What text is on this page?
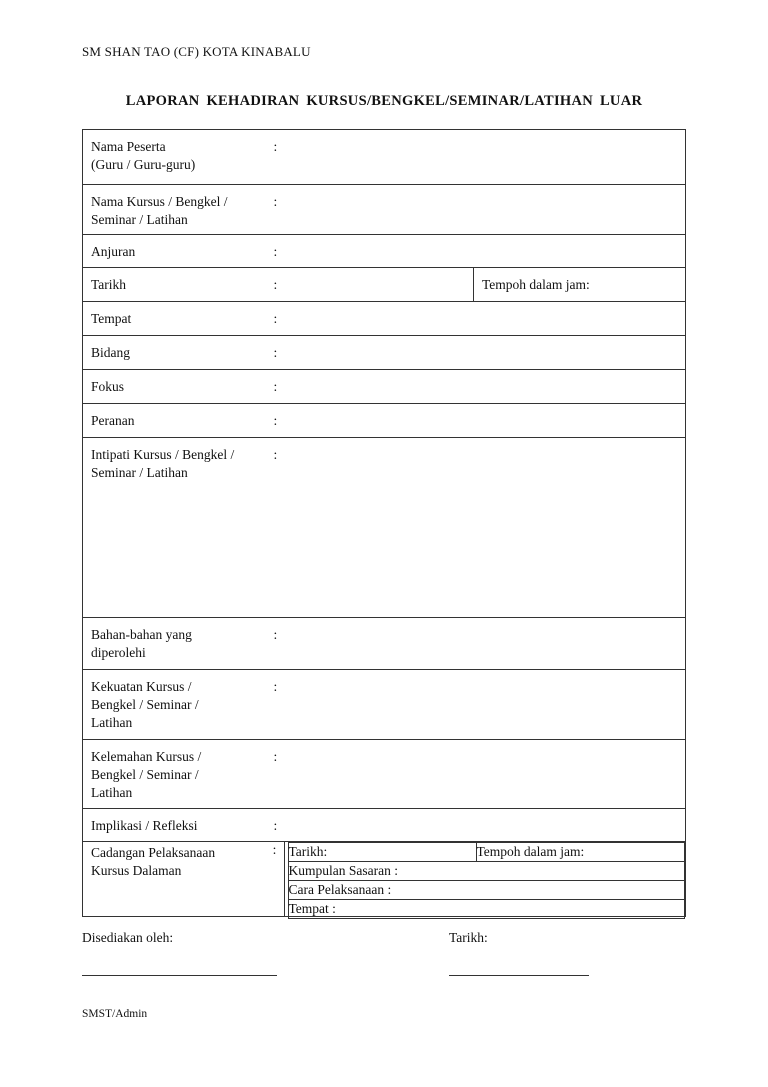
SM SHAN TAO (CF) KOTA KINABALU
LAPORAN KEHADIRAN KURSUS/BENGKEL/SEMINAR/LATIHAN LUAR
Nama Peserta
(Guru / Guru-guru)
	:

Nama Kursus / Bengkel /
Seminar / Latihan
	:
Anjuran	:
Tarikh	:	Tempoh dalam jam:
Tempat	:
Bidang	:
Fokus	:
Peranan	:

Intipati Kursus / Bengkel /
Seminar / Latihan
	:

Bahan-bahan yang
diperolehi
	:

Kekuatan Kursus /
Bengkel / Seminar /
Latihan
	:

Kelemahan Kursus /
Bengkel / Seminar /
Latihan
	:
Implikasi / Refleksi	:

Cadangan Pelaksanaan
Kursus Dalaman

: Tarikh:	Tempoh dalam jam:
Kumpulan Sasaran :
Cara Pelaksanaan :
Tempat :
Disediakan oleh:	Tarikh:
SMST/Admin
